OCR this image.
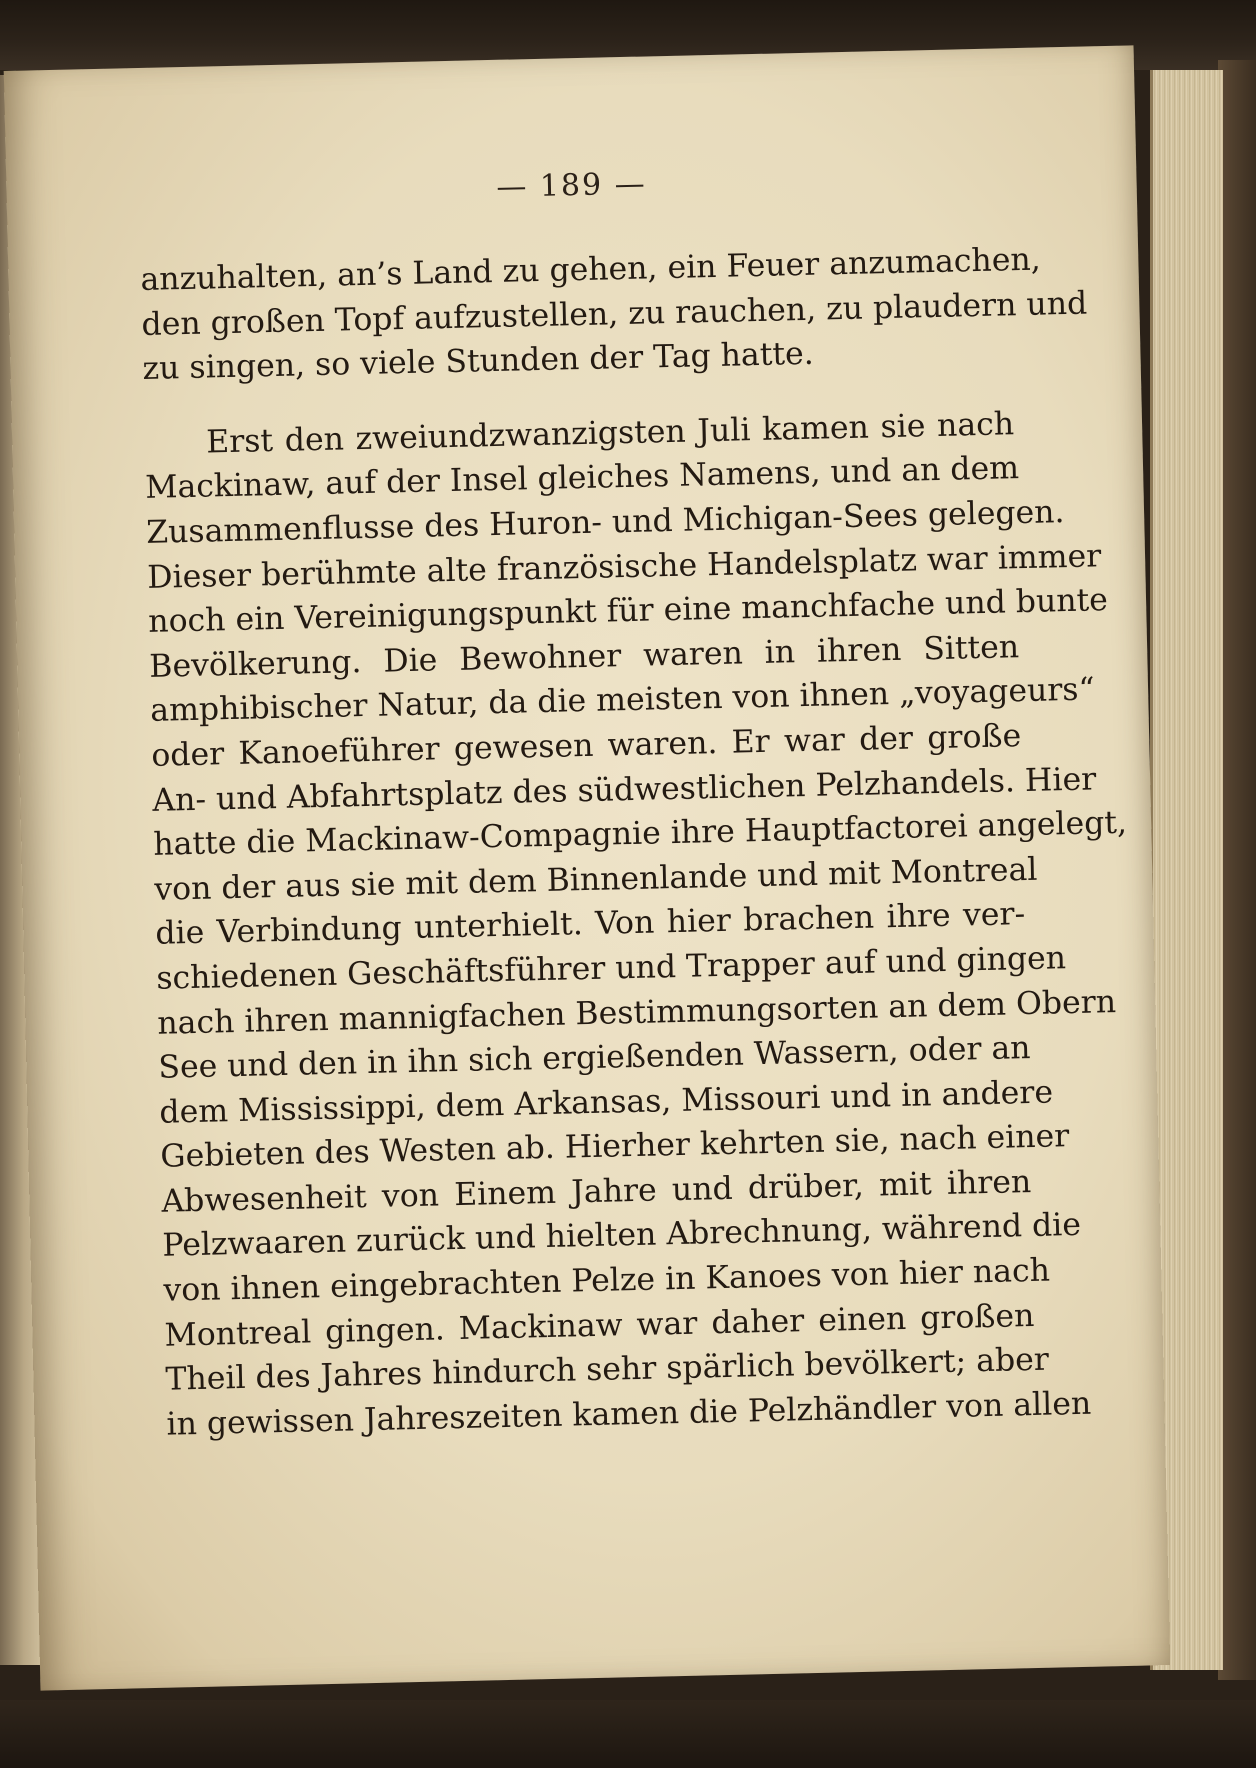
— 189 —
anzuhalten, an’s Land zu gehen, ein Feuer anzumachen,
den großen Topf aufzustellen, zu rauchen, zu plaudern und
zu singen, so viele Stunden der Tag hatte.
Erst den zweiundzwanzigsten Juli kamen sie nach
Mackinaw, auf der Insel gleiches Namens, und an dem
Zusammenflusse des Huron- und Michigan-Sees gelegen.
Dieser berühmte alte französische Handelsplatz war immer
noch ein Vereinigungspunkt für eine manchfache und bunte
Bevölkerung. Die Bewohner waren in ihren Sitten
amphibischer Natur, da die meisten von ihnen „voyageurs“
oder Kanoeführer gewesen waren. Er war der große
An- und Abfahrtsplatz des südwestlichen Pelzhandels. Hier
hatte die Mackinaw-Compagnie ihre Hauptfactorei angelegt,
von der aus sie mit dem Binnenlande und mit Montreal
die Verbindung unterhielt. Von hier brachen ihre ver-
schiedenen Geschäftsführer und Trapper auf und gingen
nach ihren mannigfachen Bestimmungsorten an dem Obern
See und den in ihn sich ergießenden Wassern, oder an
dem Mississippi, dem Arkansas, Missouri und in andere
Gebieten des Westen ab. Hierher kehrten sie, nach einer
Abwesenheit von Einem Jahre und drüber, mit ihren
Pelzwaaren zurück und hielten Abrechnung, während die
von ihnen eingebrachten Pelze in Kanoes von hier nach
Montreal gingen. Mackinaw war daher einen großen
Theil des Jahres hindurch sehr spärlich bevölkert; aber
in gewissen Jahreszeiten kamen die Pelzhändler von allen
